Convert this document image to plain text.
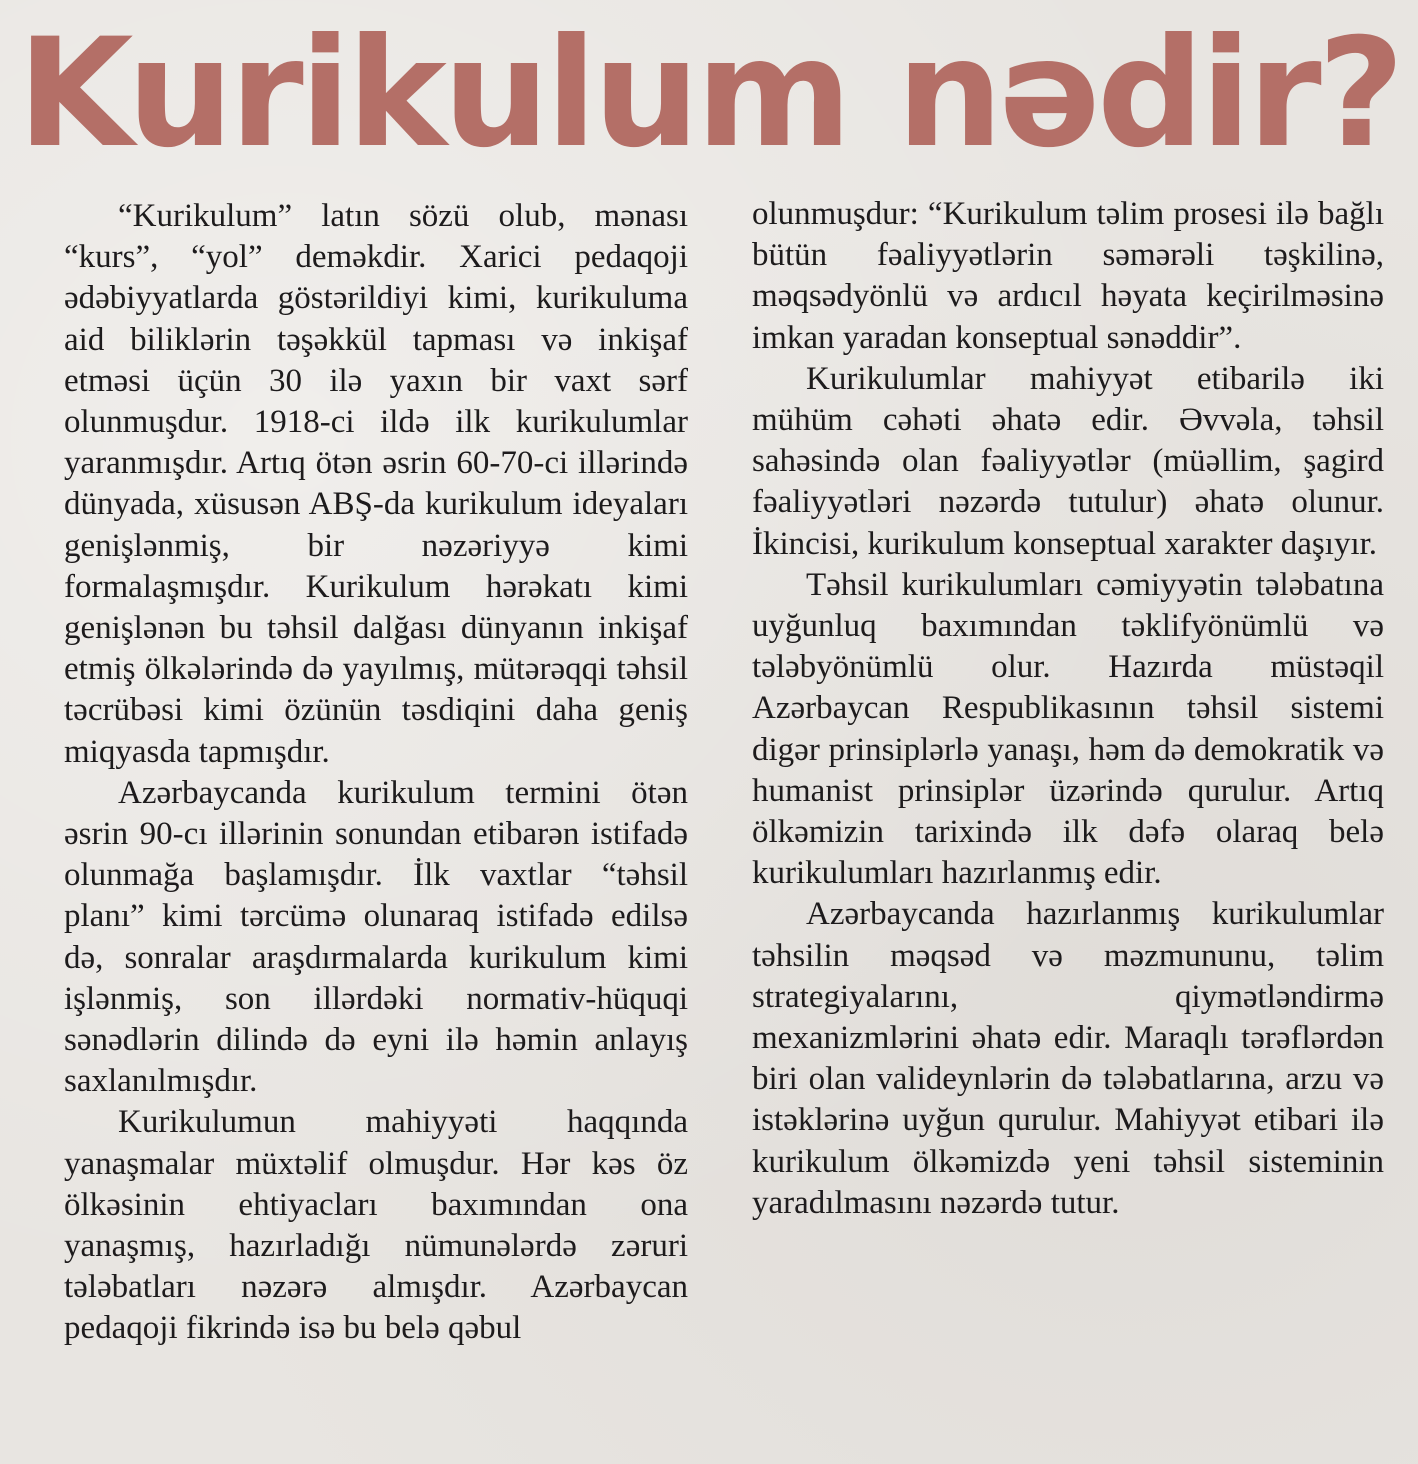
Kurikulum nədir?

“Kurikulum” latın sözü olub, mənası “kurs”, “yol” deməkdir. Xarici pedaqoji ədəbiyyatlarda göstərildiyi kimi, kurikuluma aid biliklərin təşəkkül tapması və inkişaf etməsi üçün 30 ilə yaxın bir vaxt sərf olunmuşdur. 1918-ci ildə ilk kurikulumlar yaranmışdır. Artıq ötən əsrin 60-70-ci illərində dünyada, xüsusən ABŞ-da kurikulum ideyaları genişlənmiş, bir nəzəriyyə kimi formalaşmışdır. Kurikulum hərəkatı kimi genişlənən bu təhsil dalğası dünyanın inkişaf etmiş ölkələrində də yayılmış, mütərəqqi təhsil təcrübəsi kimi özünün təsdiqini daha geniş miqyasda tapmışdır.

Azərbaycanda kurikulum termini ötən əsrin 90-cı illərinin sonundan etibarən istifadə olunmağa başlamışdır. İlk vaxtlar “təhsil planı” kimi tərcümə olunaraq istifadə edilsə də, sonralar araşdırmalarda kurikulum kimi işlənmiş, son illərdəki normativ-hüquqi sənədlərin dilində də eyni ilə həmin anlayış saxlanılmışdır.

Kurikulumun mahiyyəti haqqında yanaşmalar müxtəlif olmuşdur. Hər kəs öz ölkəsinin ehtiyacları baxımından ona yanaşmış, hazırladığı nümunələrdə zəruri tələbatları nəzərə almışdır. Azərbaycan pedaqoji fikrində isə bu belə qəbul

olunmuşdur: “Kurikulum təlim prosesi ilə bağlı bütün fəaliyyətlərin səmərəli təşkilinə, məqsədyönlü və ardıcıl həyata keçirilməsinə imkan yaradan konseptual sənəddir”.

Kurikulumlar mahiyyət etibarilə iki mühüm cəhəti əhatə edir. Əvvəla, təhsil sahəsində olan fəaliyyətlər (müəllim, şagird fəaliyyətləri nəzərdə tutulur) əhatə olunur. İkincisi, kurikulum konseptual xarakter daşıyır.

Təhsil kurikulumları cəmiyyətin tələbatına uyğunluq baxımından təklifyönümlü və tələbyönümlü olur. Hazırda müstəqil Azərbaycan Respublikasının təhsil sistemi digər prinsiplərlə yanaşı, həm də demokratik və humanist prinsiplər üzərində qurulur. Artıq ölkəmizin tarixində ilk dəfə olaraq belə kurikulumları hazırlanmış edir.

Azərbaycanda hazırlanmış kurikulumlar təhsilin məqsəd və məzmununu, təlim strategiyalarını, qiymətləndirmə mexanizmlərini əhatə edir. Maraqlı tərəflərdən biri olan valideynlərin də tələbatlarına, arzu və istəklərinə uyğun qurulur. Mahiyyət etibari ilə kurikulum ölkəmizdə yeni təhsil sisteminin yaradılmasını nəzərdə tutur.
